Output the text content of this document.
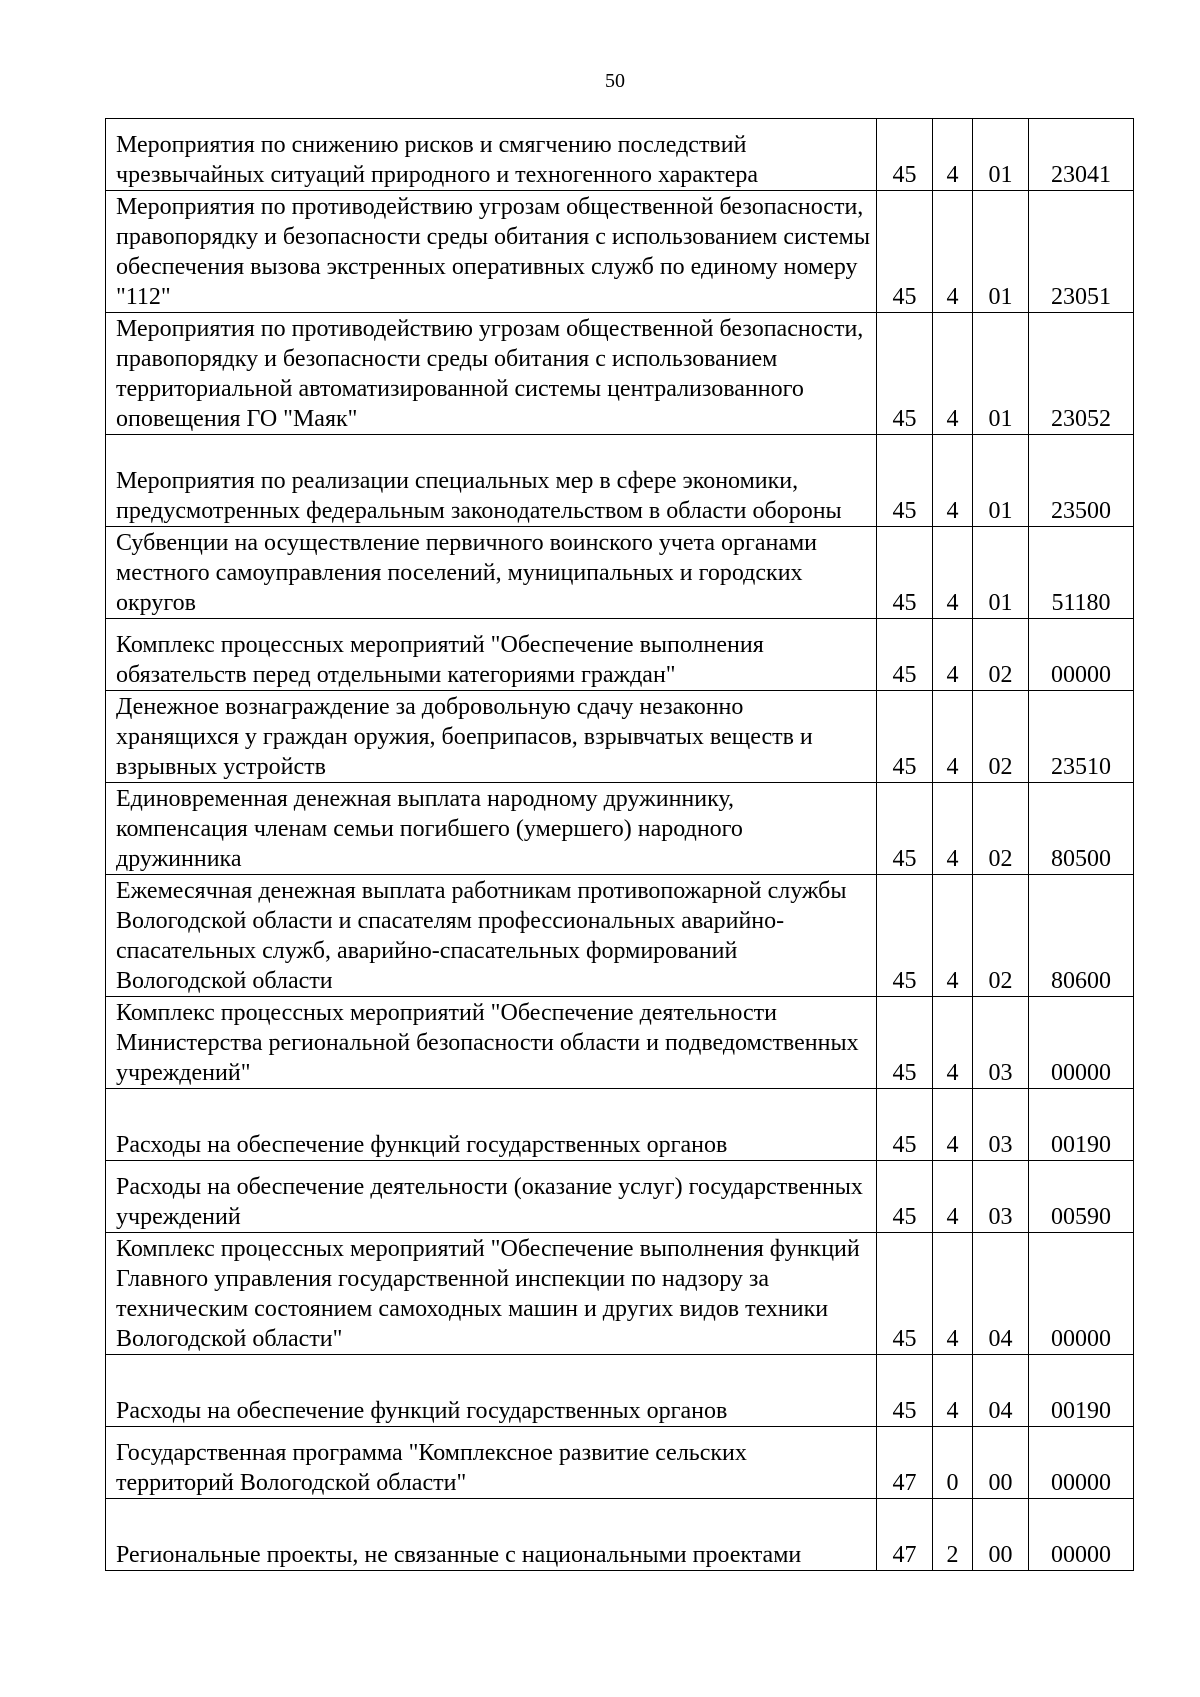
50
Мероприятия по снижению рисков и смягчению последствий чрезвычайных ситуаций природного и техногенного характера	45	4	01	23041
Мероприятия по противодействию угрозам общественной безопасности, правопорядку и безопасности среды обитания с использованием системы обеспечения вызова экстренных оперативных служб по единому номеру "112"	45	4	01	23051
Мероприятия по противодействию угрозам общественной безопасности, правопорядку и безопасности среды обитания с использованием территориальной автоматизированной системы централизованного оповещения ГО "Маяк"	45	4	01	23052
Мероприятия по реализации специальных мер в сфере экономики, предусмотренных федеральным законодательством в области обороны	45	4	01	23500
Субвенции на осуществление первичного воинского учета органами местного самоуправления поселений, муниципальных и городских округов	45	4	01	51180
Комплекс процессных мероприятий "Обеспечение выполнения обязательств перед отдельными категориями граждан"	45	4	02	00000
Денежное вознаграждение за добровольную сдачу незаконно хранящихся у граждан оружия, боеприпасов, взрывчатых веществ и взрывных устройств	45	4	02	23510
Единовременная денежная выплата народному дружиннику, компенсация членам семьи погибшего (умершего) народного дружинника	45	4	02	80500
Ежемесячная денежная выплата работникам противопожарной службы Вологодской области и спасателям профессиональных аварийно-спасательных служб, аварийно-спасательных формирований Вологодской области	45	4	02	80600
Комплекс процессных мероприятий "Обеспечение деятельности Министерства региональной безопасности области и подведомственных учреждений"	45	4	03	00000
Расходы на обеспечение функций государственных органов	45	4	03	00190
Расходы на обеспечение деятельности (оказание услуг) государственных учреждений	45	4	03	00590
Комплекс процессных мероприятий "Обеспечение выполнения функций Главного управления государственной инспекции по надзору за техническим состоянием самоходных машин и других видов техники Вологодской области"	45	4	04	00000
Расходы на обеспечение функций государственных органов	45	4	04	00190
Государственная программа "Комплексное развитие сельских территорий Вологодской области"	47	0	00	00000
Региональные проекты, не связанные с национальными проектами	47	2	00	00000
